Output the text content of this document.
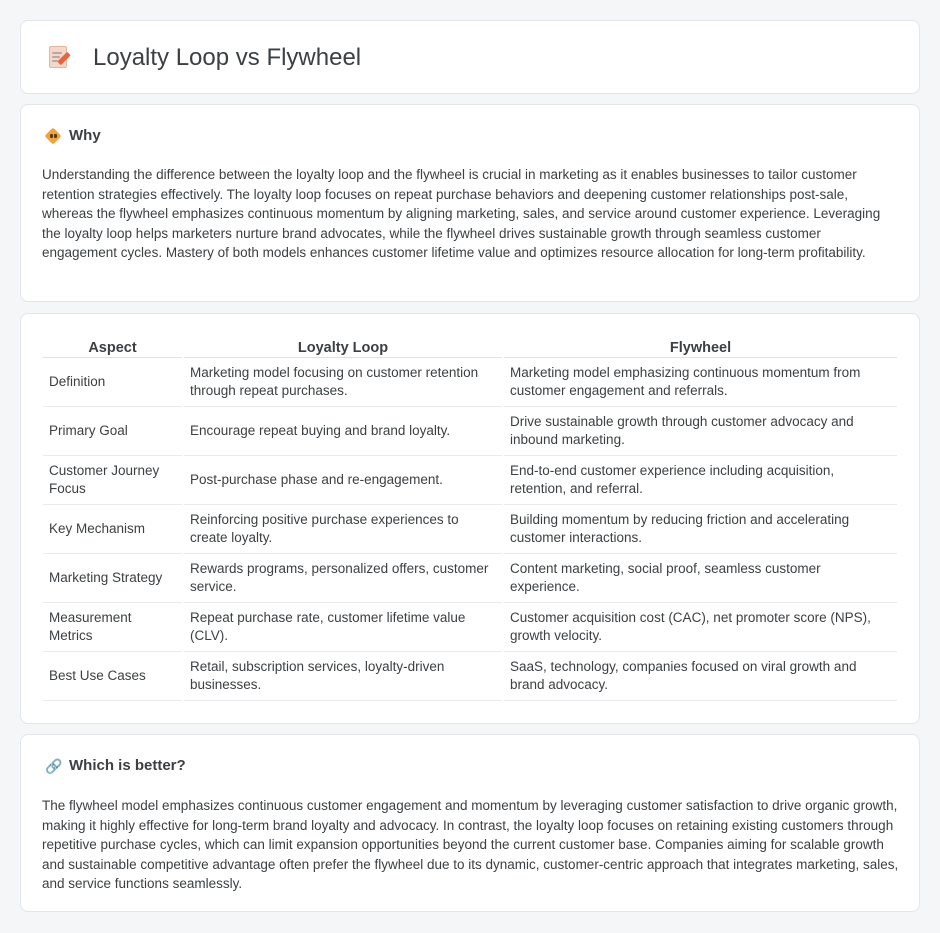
Loyalty Loop vs Flywheel
Why

Understanding the difference between the loyalty loop and the flywheel is crucial in marketing as it enables businesses to tailor customer retention strategies effectively. The loyalty loop focuses on repeat purchase behaviors and deepening customer relationships post-sale, whereas the flywheel emphasizes continuous momentum by aligning marketing, sales, and service around customer experience. Leveraging the loyalty loop helps marketers nurture brand advocates, while the flywheel drives sustainable growth through seamless customer engagement cycles. Mastery of both models enhances customer lifetime value and optimizes resource allocation for long-term profitability.

Aspect	Loyalty Loop	Flywheel
Definition	Marketing model focusing on customer retention through repeat purchases.	Marketing model emphasizing continuous momentum from customer engagement and referrals.
Primary Goal	Encourage repeat buying and brand loyalty.	Drive sustainable growth through customer advocacy and inbound marketing.
Customer Journey Focus	Post-purchase phase and re-engagement.	End-to-end customer experience including acquisition, retention, and referral.
Key Mechanism	Reinforcing positive purchase experiences to create loyalty.	Building momentum by reducing friction and accelerating customer interactions.
Marketing Strategy	Rewards programs, personalized offers, customer service.	Content marketing, social proof, seamless customer experience.
Measurement Metrics	Repeat purchase rate, customer lifetime value (CLV).	Customer acquisition cost (CAC), net promoter score (NPS), growth velocity.
Best Use Cases	Retail, subscription services, loyalty-driven businesses.	SaaS, technology, companies focused on viral growth and brand advocacy.
🔗 Which is better?

The flywheel model emphasizes continuous customer engagement and momentum by leveraging customer satisfaction to drive organic growth, making it highly effective for long-term brand loyalty and advocacy. In contrast, the loyalty loop focuses on retaining existing customers through repetitive purchase cycles, which can limit expansion opportunities beyond the current customer base. Companies aiming for scalable growth and sustainable competitive advantage often prefer the flywheel due to its dynamic, customer-centric approach that integrates marketing, sales, and service functions seamlessly.
